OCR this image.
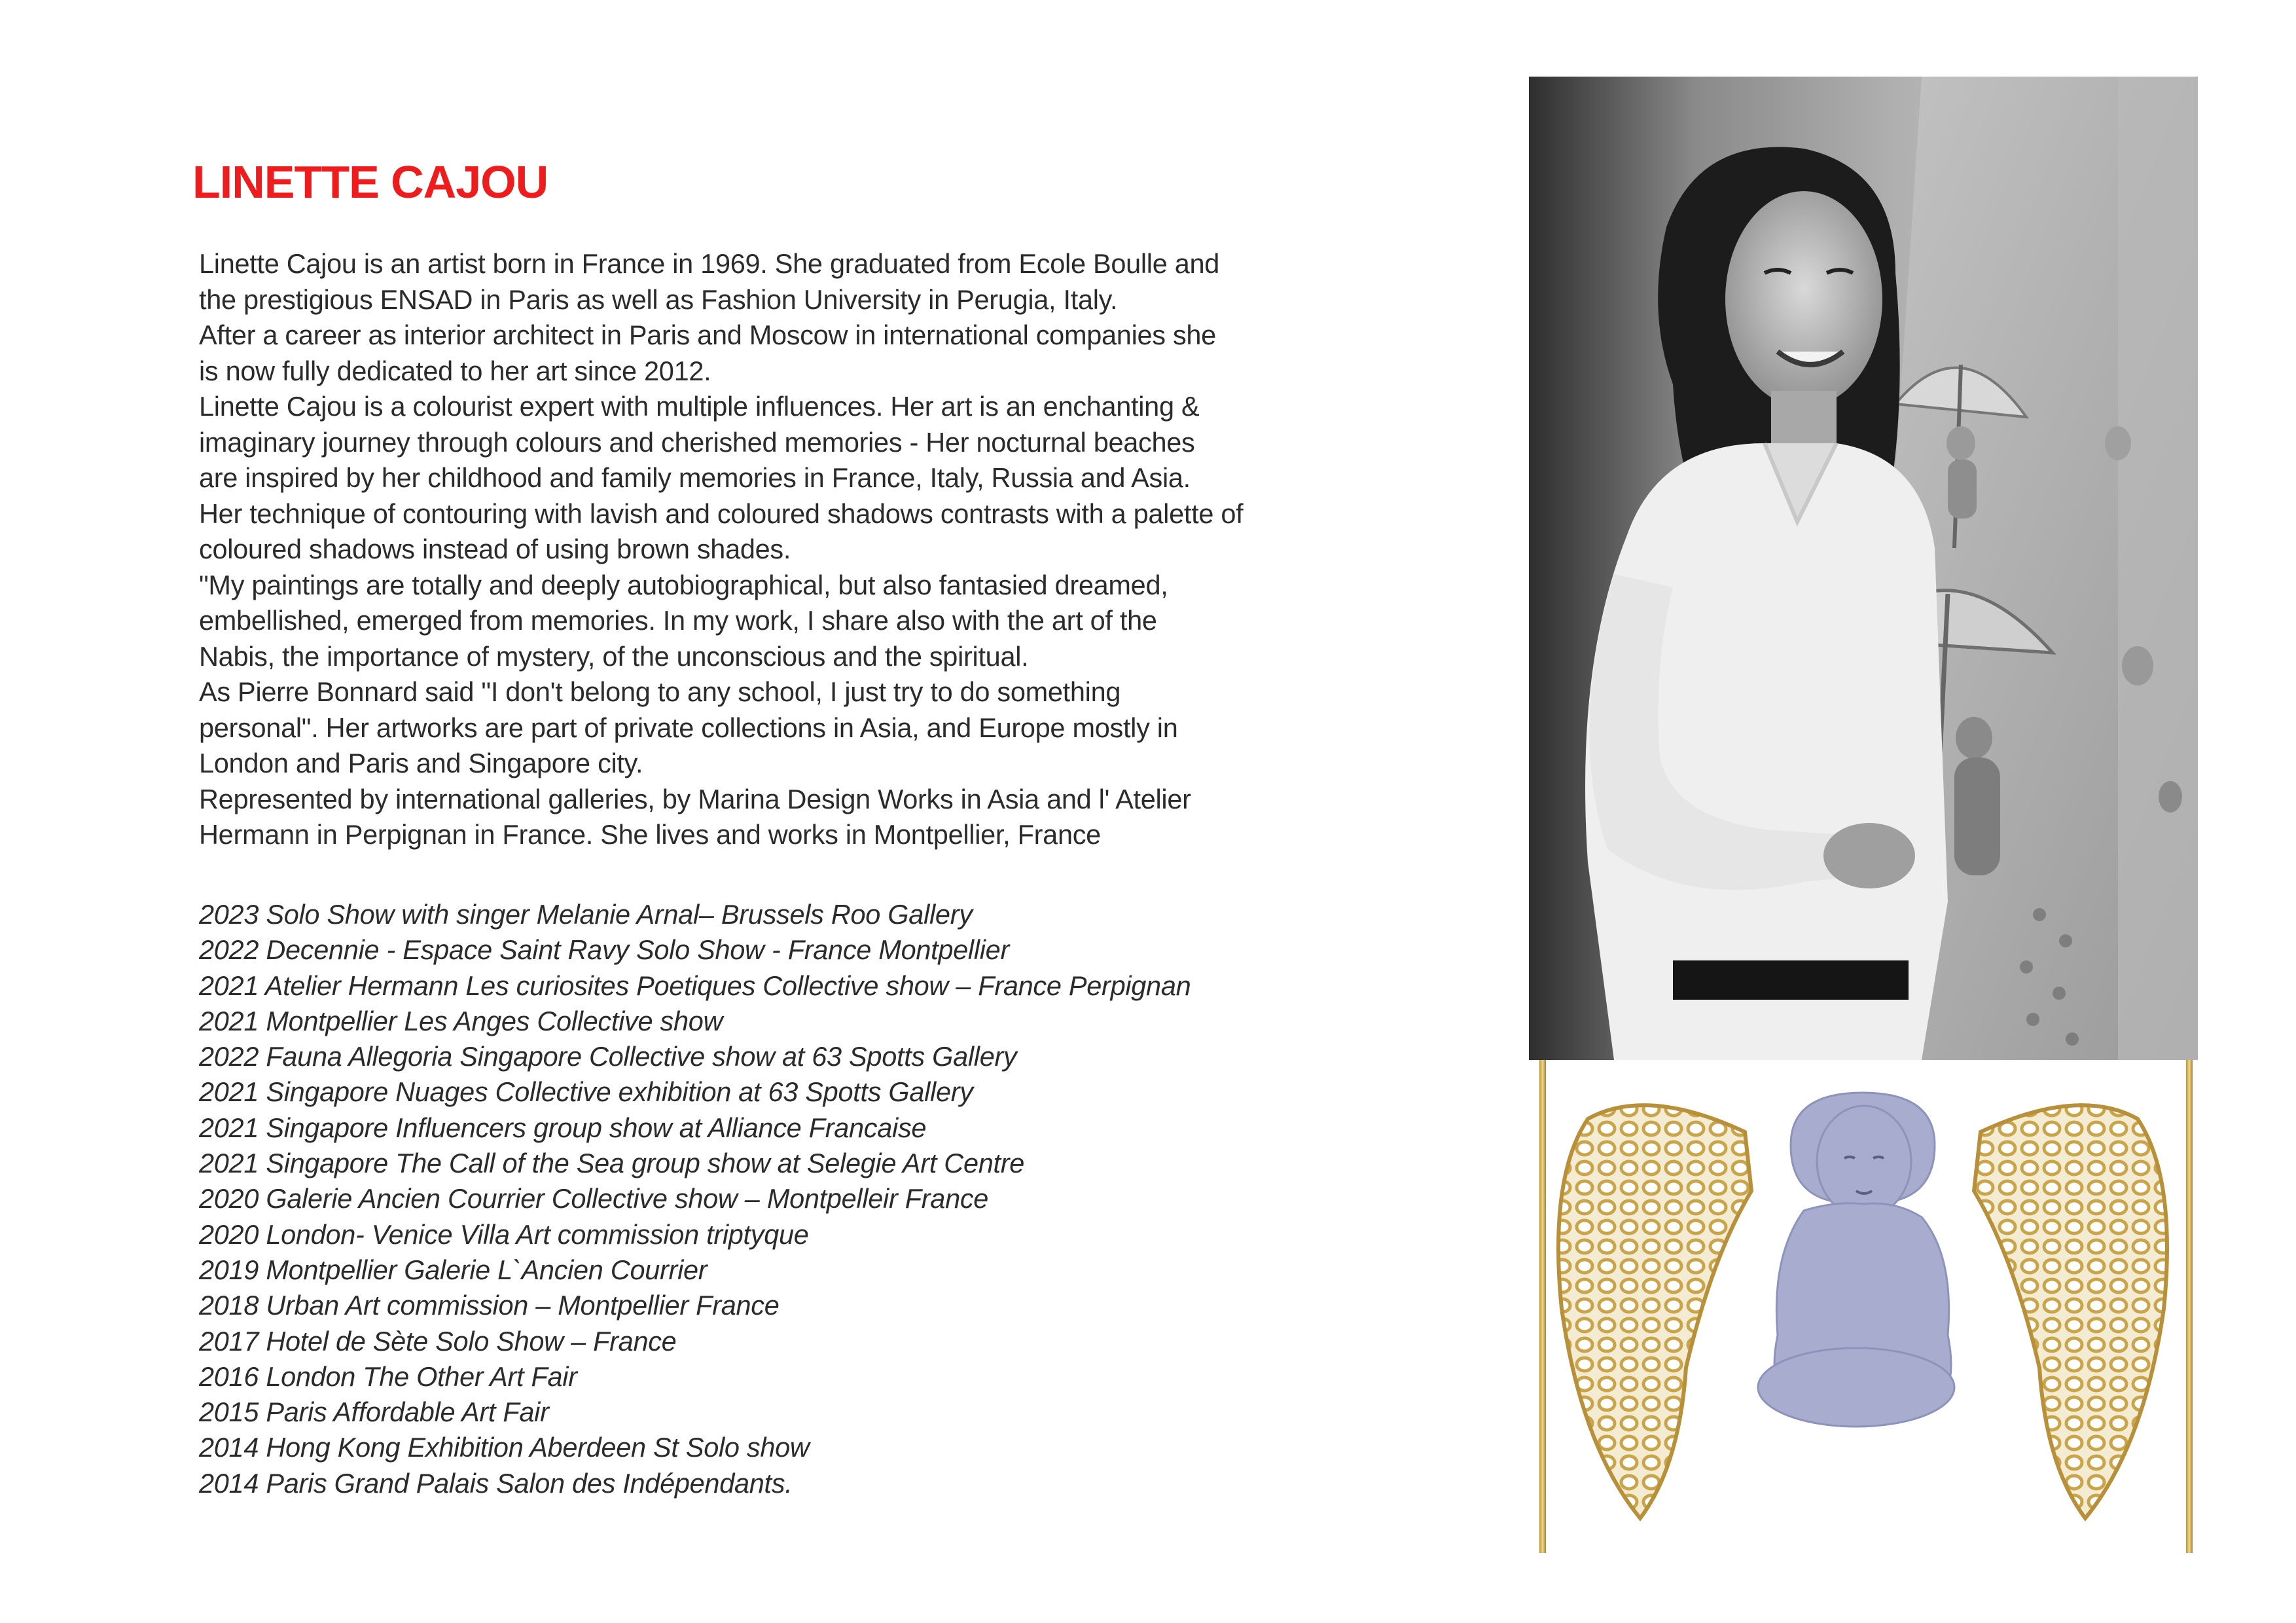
LINETTE CAJOU
Linette Cajou is an artist born in France in 1969. She graduated from Ecole Boulle and
the prestigious ENSAD in Paris as well as Fashion University in Perugia, Italy.
After a career as interior architect in Paris and Moscow in international companies she
is now fully dedicated to her art since 2012.
Linette Cajou is a colourist expert with multiple influences. Her art is an enchanting &
imaginary journey through colours and cherished memories - Her nocturnal beaches
are inspired by her childhood and family memories in France, Italy, Russia and Asia.
Her technique of contouring with lavish and coloured shadows contrasts with a palette of
coloured shadows instead of using brown shades.
"My paintings are totally and deeply autobiographical, but also fantasied dreamed,
embellished, emerged from memories. In my work, I share also with the art of the
Nabis, the importance of mystery, of the unconscious and the spiritual.
As Pierre Bonnard said "I don't belong to any school, I just try to do something
personal". Her artworks are part of private collections in Asia, and Europe mostly in
London and Paris and Singapore city.
Represented by international galleries, by Marina Design Works in Asia and l' Atelier
Hermann in Perpignan in France. She lives and works in Montpellier, France
2023 Solo Show with singer Melanie Arnal– Brussels Roo Gallery
2022 Decennie - Espace Saint Ravy Solo Show - France Montpellier
2021 Atelier Hermann Les curiosites Poetiques Collective show – France Perpignan
2021 Montpellier Les Anges Collective show
2022 Fauna Allegoria Singapore Collective show at 63 Spotts Gallery
2021 Singapore Nuages Collective exhibition at 63 Spotts Gallery
2021 Singapore Influencers group show at Alliance Francaise
2021 Singapore The Call of the Sea group show at Selegie Art Centre
2020 Galerie Ancien Courrier Collective show – Montpelleir France
2020 London- Venice Villa Art commission triptyque
2019 Montpellier Galerie L`Ancien Courrier
2018 Urban Art commission – Montpellier France
2017 Hotel de Sète Solo Show – France
2016 London The Other Art Fair
2015 Paris Affordable Art Fair
2014 Hong Kong Exhibition Aberdeen St Solo show
2014 Paris Grand Palais Salon des Indépendants.
